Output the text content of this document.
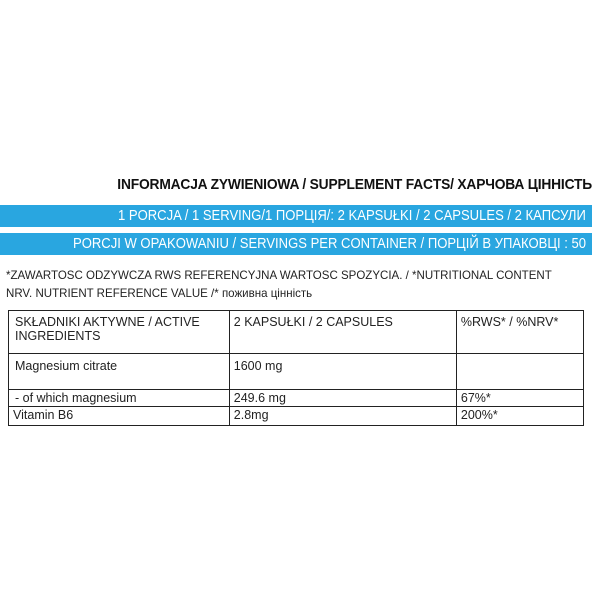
INFORMACJA ZYWIENIOWA / SUPPLEMENT FACTS/ ХАРЧОВА ЦІННІСТЬ
1 PORCJA / 1 SERVING/1 ПОРЦІЯ/: 2 KAPSUŁKI / 2 CAPSULES / 2 КАПСУЛИ
PORCJI W OPAKOWANIU / SERVINGS PER CONTAINER / ПОРЦІЙ В УПАКОВЦІ : 50
*ZAWARTOSC ODZYWCZA RWS REFERENCYJNA WARTOSC SPOZYCIA. / *NUTRITIONAL CONTENT NRV. NUTRIENT REFERENCE VALUE /* поживна цінність
SKŁADNIKI AKTYWNE / ACTIVE INGREDIENTS	2 KAPSUŁKI / 2 CAPSULES	%RWS* / %NRV*
Magnesium citrate	1600 mg	
- of which magnesium	249.6 mg	67%*
Vitamin B6	2.8mg	200%*
